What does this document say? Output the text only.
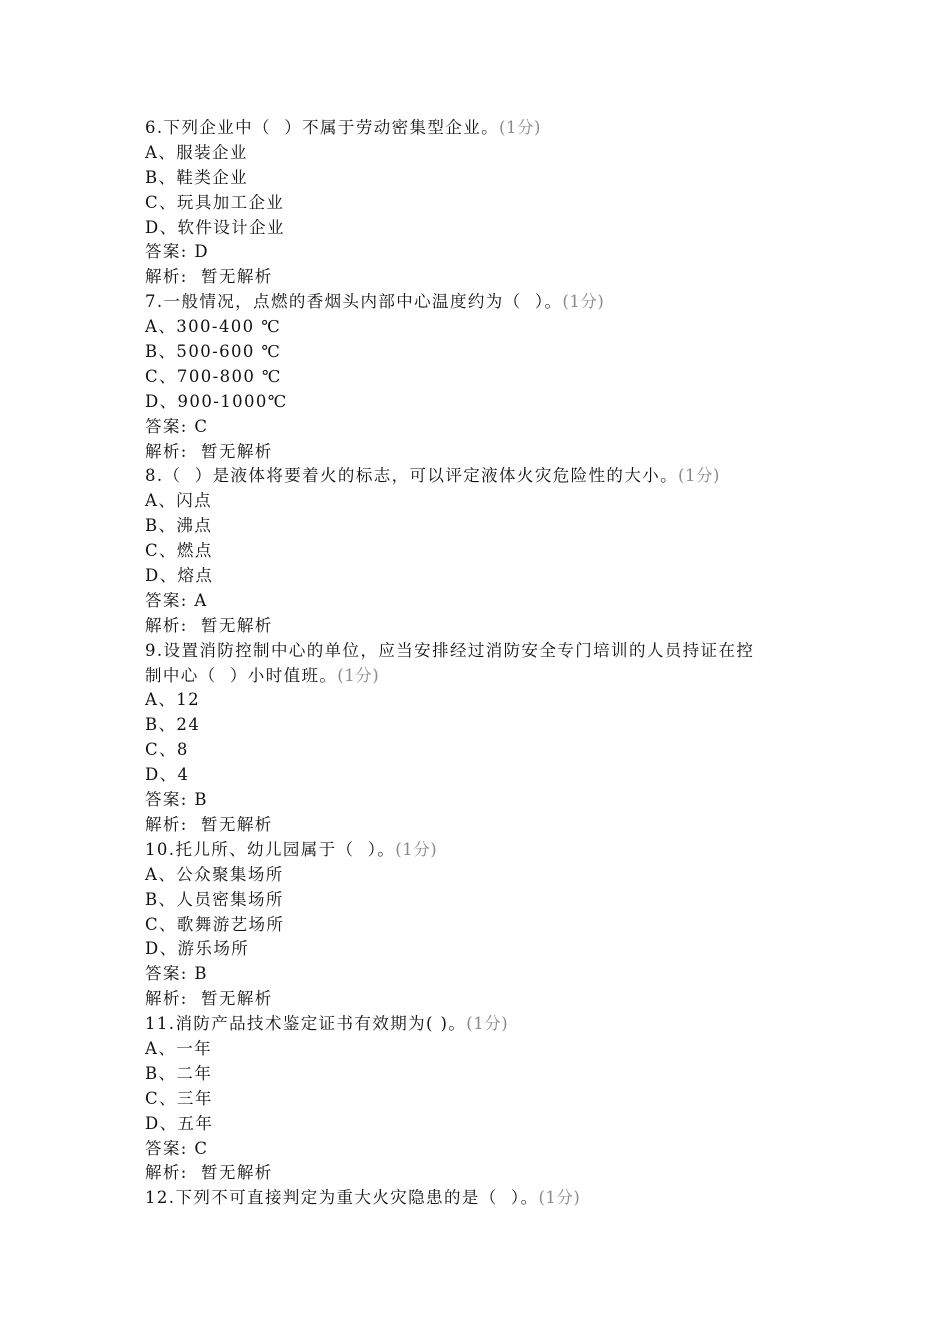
6.下列企业中（  ）不属于劳动密集型企业。(1分)
A、服装企业
B、鞋类企业
C、玩具加工企业
D、软件设计企业
答案: D
解析:  暂无解析
7.一般情况，点燃的香烟头内部中心温度约为（  ）。(1分)
A、300-400 ℃
B、500-600 ℃
C、700-800 ℃
D、900-1000℃
答案: C
解析:  暂无解析
8.（  ）是液体将要着火的标志，可以评定液体火灾危险性的大小。(1分)
A、闪点
B、沸点
C、燃点
D、熔点
答案: A
解析:  暂无解析
9.设置消防控制中心的单位，应当安排经过消防安全专门培训的人员持证在控
制中心（  ）小时值班。(1分)
A、12
B、24
C、8
D、4
答案: B
解析:  暂无解析
10.托儿所、幼儿园属于（  ）。(1分)
A、公众聚集场所
B、人员密集场所
C、歌舞游艺场所
D、游乐场所
答案: B
解析:  暂无解析
11.消防产品技术鉴定证书有效期为( )。(1分)
A、一年
B、二年
C、三年
D、五年
答案: C
解析:  暂无解析
12.下列不可直接判定为重大火灾隐患的是（  ）。(1分)
